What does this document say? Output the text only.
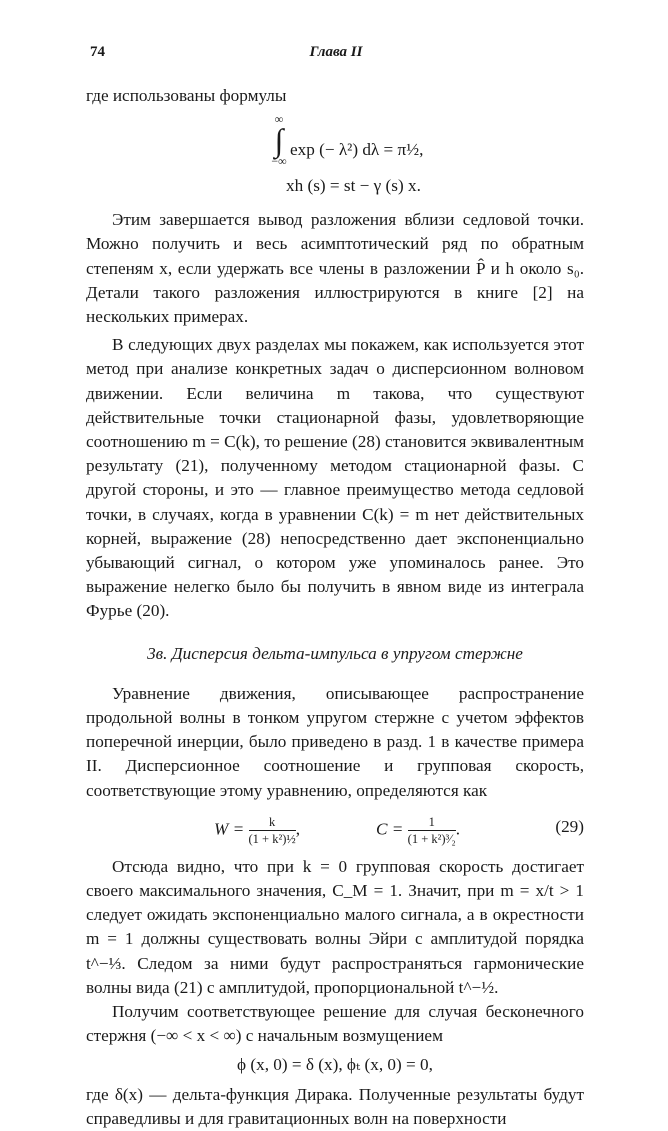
74	Глава II

где использованы формулы

∞
∫
−∞
exp (− λ²) dλ = π½,
xh (s) = st − γ (s) x.

Этим завершается вывод разложения вблизи седловой точки. Можно получить и весь асимптотический ряд по обратным степеням x, если удержать все члены в разложении P̂ и h около s₀. Детали такого разложения иллюстрируются в книге [2] на нескольких примерах.

В следующих двух разделах мы покажем, как используется этот метод при анализе конкретных задач о дисперсионном волновом движении. Если величина m такова, что существуют действительные точки стационарной фазы, удовлетворяющие соотношению m = C(k), то решение (28) становится эквивалентным результату (21), полученному методом стационарной фазы. С другой стороны, и это — главное преимущество метода седловой точки, в случаях, когда в уравнении C(k) = m нет действительных корней, выражение (28) непосредственно дает экспоненциально убывающий сигнал, о котором уже упоминалось ранее. Это выражение нелегко было бы получить в явном виде из интеграла Фурье (20).

3в. Дисперсия дельта-импульса в упругом стержне

Уравнение движения, описывающее распространение продольной волны в тонком упругом стержне с учетом эффектов поперечной инерции, было приведено в разд. 1 в качестве примера II. Дисперсионное соотношение и групповая скорость, соответствующие этому уравнению, определяются как

$W = \frac{k}{\text{(1 + k²)½}}$ ,	$C = \frac{1}{\text{(1 + k²)³⁄₂}}$ .	(29)

Отсюда видно, что при k = 0 групповая скорость достигает своего максимального значения, C_M = 1. Значит, при m = x/t > 1 следует ожидать экспоненциально малого сигнала, а в окрестности m = 1 должны существовать волны Эйри с амплитудой порядка t^−⅓. Следом за ними будут распространяться гармонические волны вида (21) с амплитудой, пропорциональной t^−½.

Получим соответствующее решение для случая бесконечного стержня (−∞ < x < ∞) с начальным возмущением

ϕ (x, 0) = δ (x), ϕₜ (x, 0) = 0,

где δ(x) — дельта-функция Дирака. Полученные результаты будут справедливы и для гравитационных волн на поверхности
